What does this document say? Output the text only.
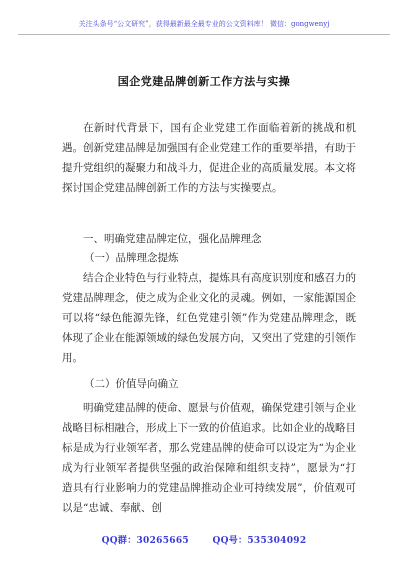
关注头条号“公文研究”，获得最新最全最专业的公文资料库！ 微信：gongwenyj
国企党建品牌创新工作方法与实操

在新时代背景下，国有企业党建工作面临着新的挑战和机遇。创新党建品牌是加强国有企业党建工作的重要举措，有助于提升党组织的凝聚力和战斗力，促进企业的高质量发展。本文将探讨国企党建品牌创新工作的方法与实操要点。

一、明确党建品牌定位，强化品牌理念

（一）品牌理念提炼

结合企业特色与行业特点，提炼具有高度识别度和感召力的党建品牌理念，使之成为企业文化的灵魂。例如，一家能源国企可以将“绿色能源先锋，红色党建引领”作为党建品牌理念，既体现了企业在能源领域的绿色发展方向，又突出了党建的引领作用。

（二）价值导向确立

明确党建品牌的使命、愿景与价值观，确保党建引领与企业战略目标相融合，形成上下一致的价值追求。比如企业的战略目标是成为行业领军者，那么党建品牌的使命可以设定为“为企业成为行业领军者提供坚强的政治保障和组织支持”，愿景为“打造具有行业影响力的党建品牌推动企业可持续发展”，价值观可以是“忠诚、奉献、创

QQ群：30265665	QQ号：535304092
